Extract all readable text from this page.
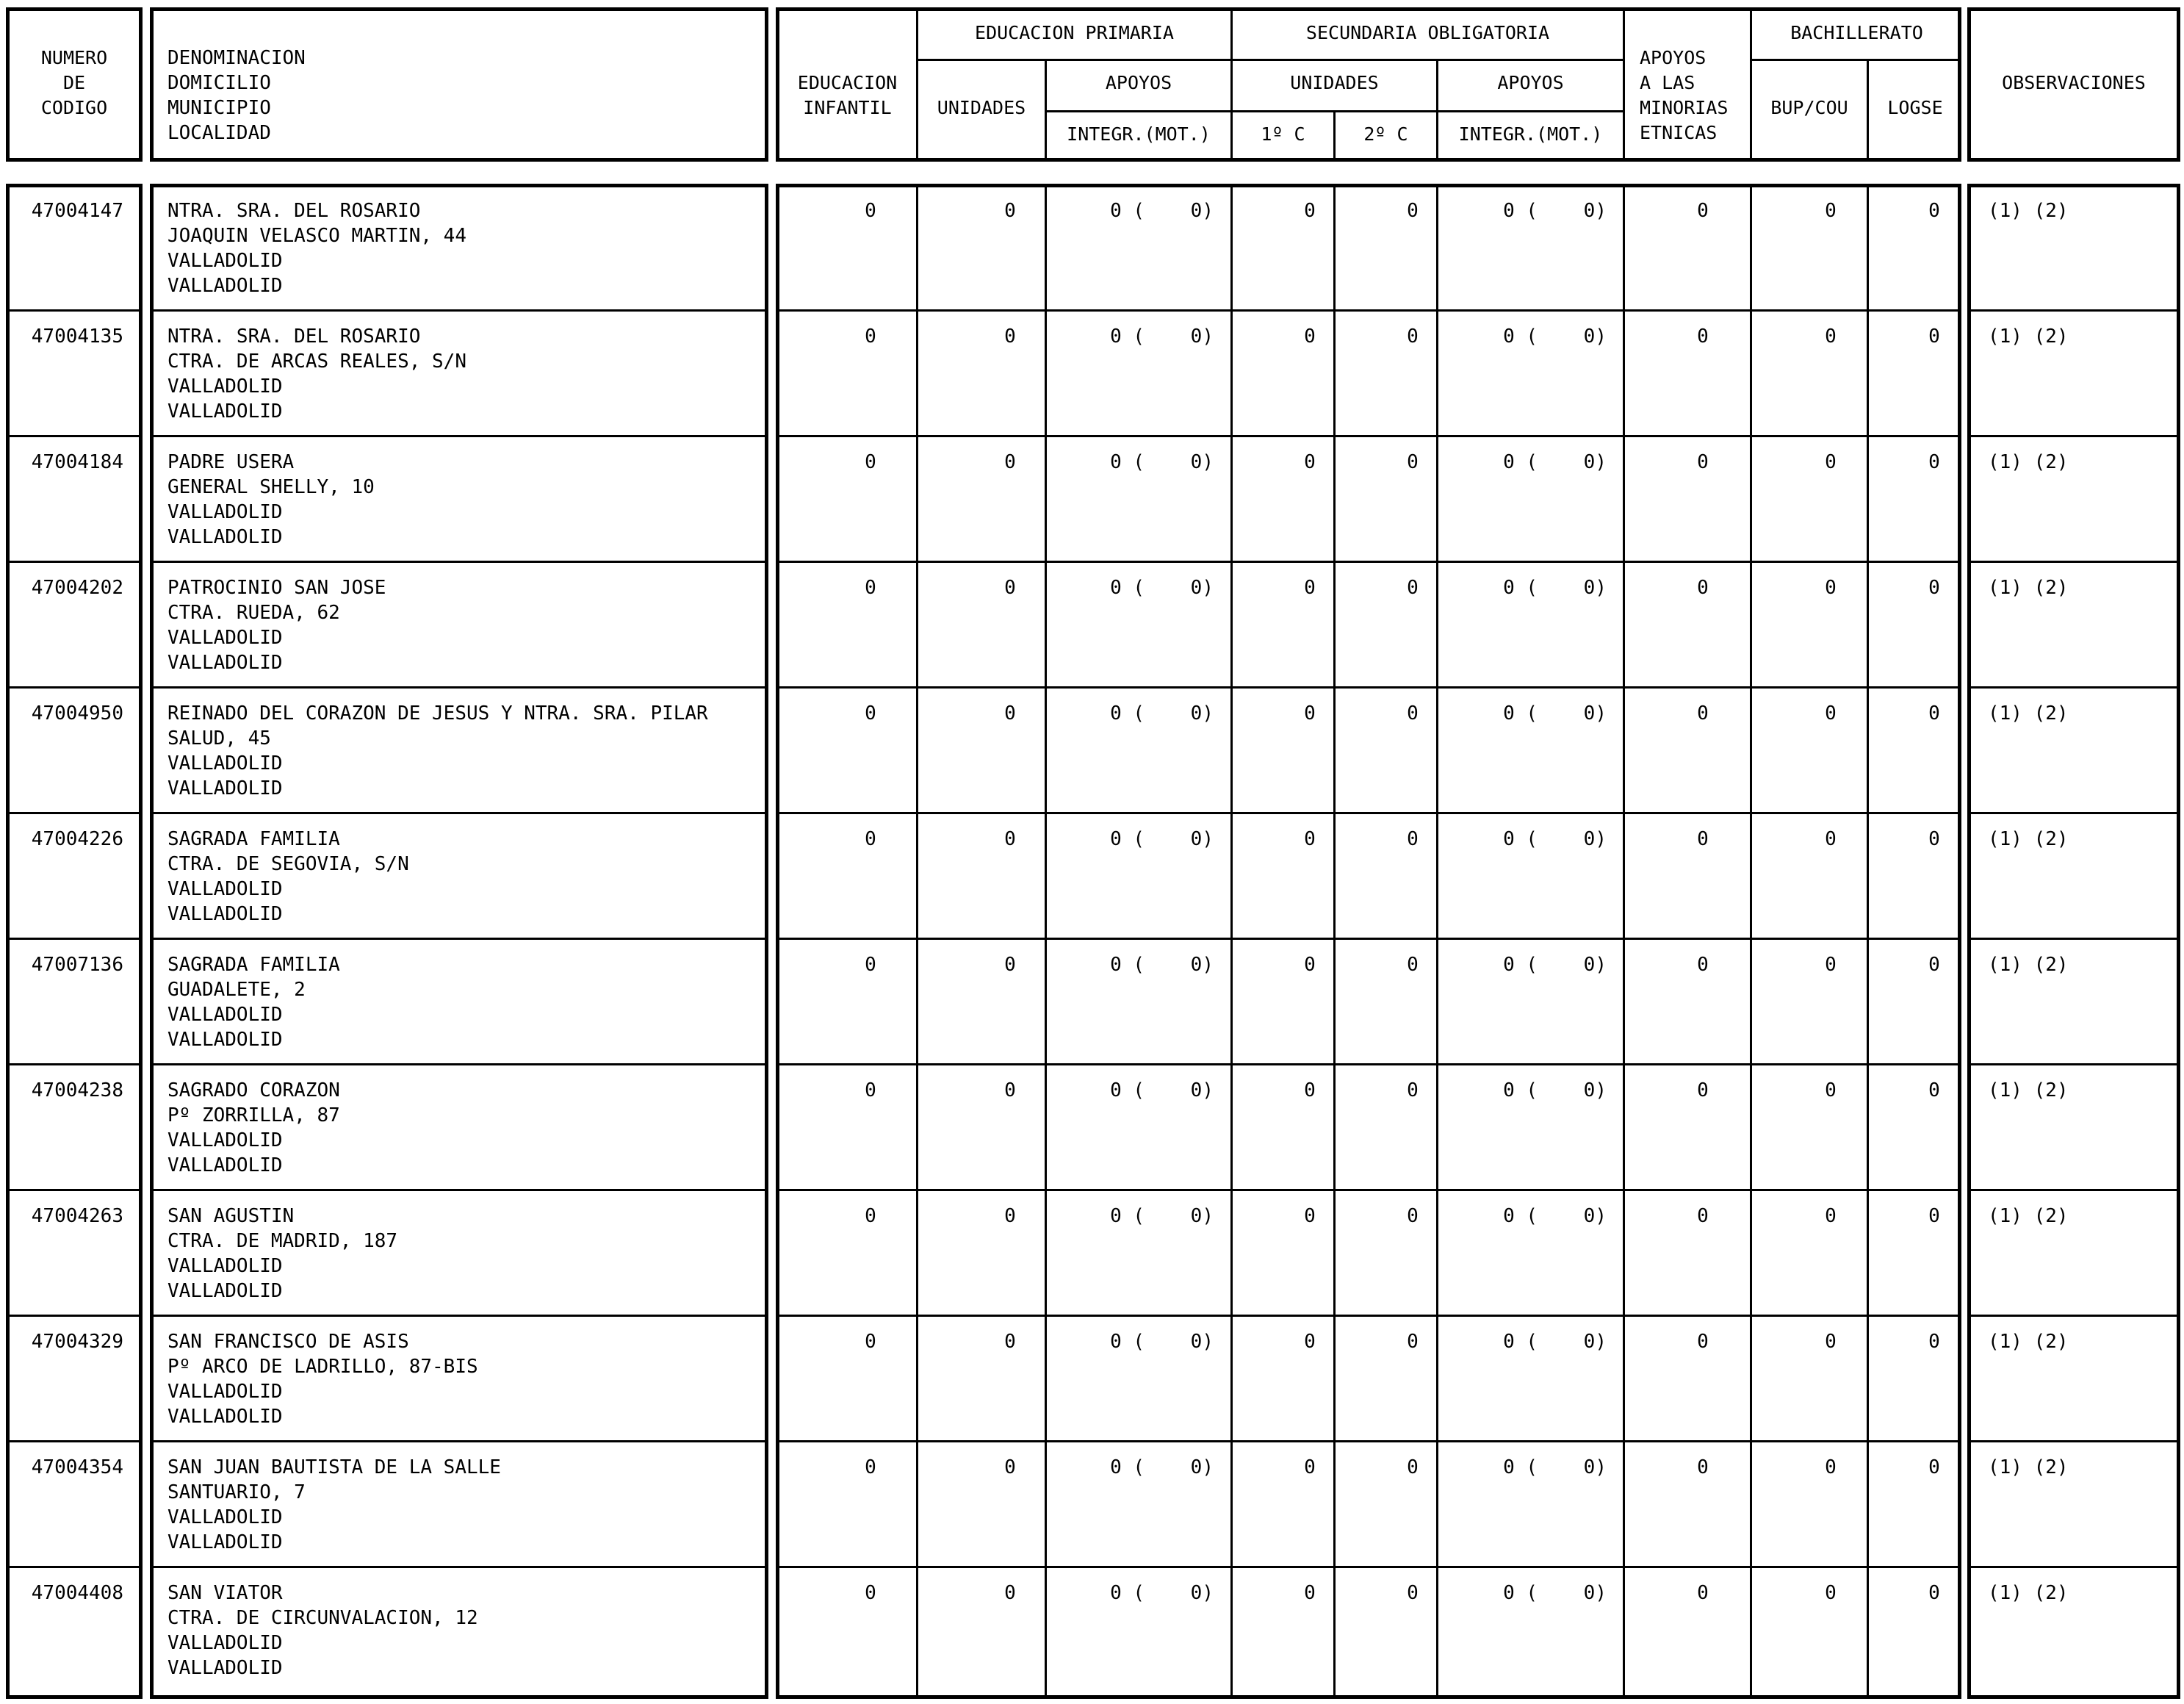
NUMERO
DE
CODIGO
DENOMINACION
DOMICILIO
MUNICIPIO
LOCALIDAD
EDUCACION
INFANTIL
EDUCACION PRIMARIA
UNIDADES
APOYOS
INTEGR.(MOT.)
SECUNDARIA OBLIGATORIA
UNIDADES
1º C	2º C
APOYOS
INTEGR.(MOT.)
APOYOS
A LAS
MINORIAS
ETNICAS
BACHILLERATO
BUP/COU	LOGSE
OBSERVACIONES
47004147 NTRA. SRA. DEL ROSARIO
JOAQUIN VELASCO MARTIN, 44
VALLADOLID
VALLADOLID
0	0	0 (    0)	0	0	0 (    0)	0	0	0	(1) (2)
47004135 NTRA. SRA. DEL ROSARIO
CTRA. DE ARCAS REALES, S/N
VALLADOLID
VALLADOLID
0	0	0 (    0)	0	0	0 (    0)	0	0	0	(1) (2)
47004184 PADRE USERA
GENERAL SHELLY, 10
VALLADOLID
VALLADOLID
0	0	0 (    0)	0	0	0 (    0)	0	0	0	(1) (2)
47004202 PATROCINIO SAN JOSE
CTRA. RUEDA, 62
VALLADOLID
VALLADOLID
0	0	0 (    0)	0	0	0 (    0)	0	0	0	(1) (2)
47004950 REINADO DEL CORAZON DE JESUS Y NTRA. SRA. PILAR
SALUD, 45
VALLADOLID
VALLADOLID
0	0	0 (    0)	0	0	0 (    0)	0	0	0	(1) (2)
47004226 SAGRADA FAMILIA
CTRA. DE SEGOVIA, S/N
VALLADOLID
VALLADOLID
0	0	0 (    0)	0	0	0 (    0)	0	0	0	(1) (2)
47007136 SAGRADA FAMILIA
GUADALETE, 2
VALLADOLID
VALLADOLID
0	0	0 (    0)	0	0	0 (    0)	0	0	0	(1) (2)
47004238 SAGRADO CORAZON
Pº ZORRILLA, 87
VALLADOLID
VALLADOLID
0	0	0 (    0)	0	0	0 (    0)	0	0	0	(1) (2)
47004263 SAN AGUSTIN
CTRA. DE MADRID, 187
VALLADOLID
VALLADOLID
0	0	0 (    0)	0	0	0 (    0)	0	0	0	(1) (2)
47004329 SAN FRANCISCO DE ASIS
Pº ARCO DE LADRILLO, 87-BIS
VALLADOLID
VALLADOLID
0	0	0 (    0)	0	0	0 (    0)	0	0	0	(1) (2)
47004354 SAN JUAN BAUTISTA DE LA SALLE
SANTUARIO, 7
VALLADOLID
VALLADOLID
0	0	0 (    0)	0	0	0 (    0)	0	0	0	(1) (2)
47004408 SAN VIATOR
CTRA. DE CIRCUNVALACION, 12
VALLADOLID
VALLADOLID
0	0	0 (    0)	0	0	0 (    0)	0	0	0	(1) (2)
